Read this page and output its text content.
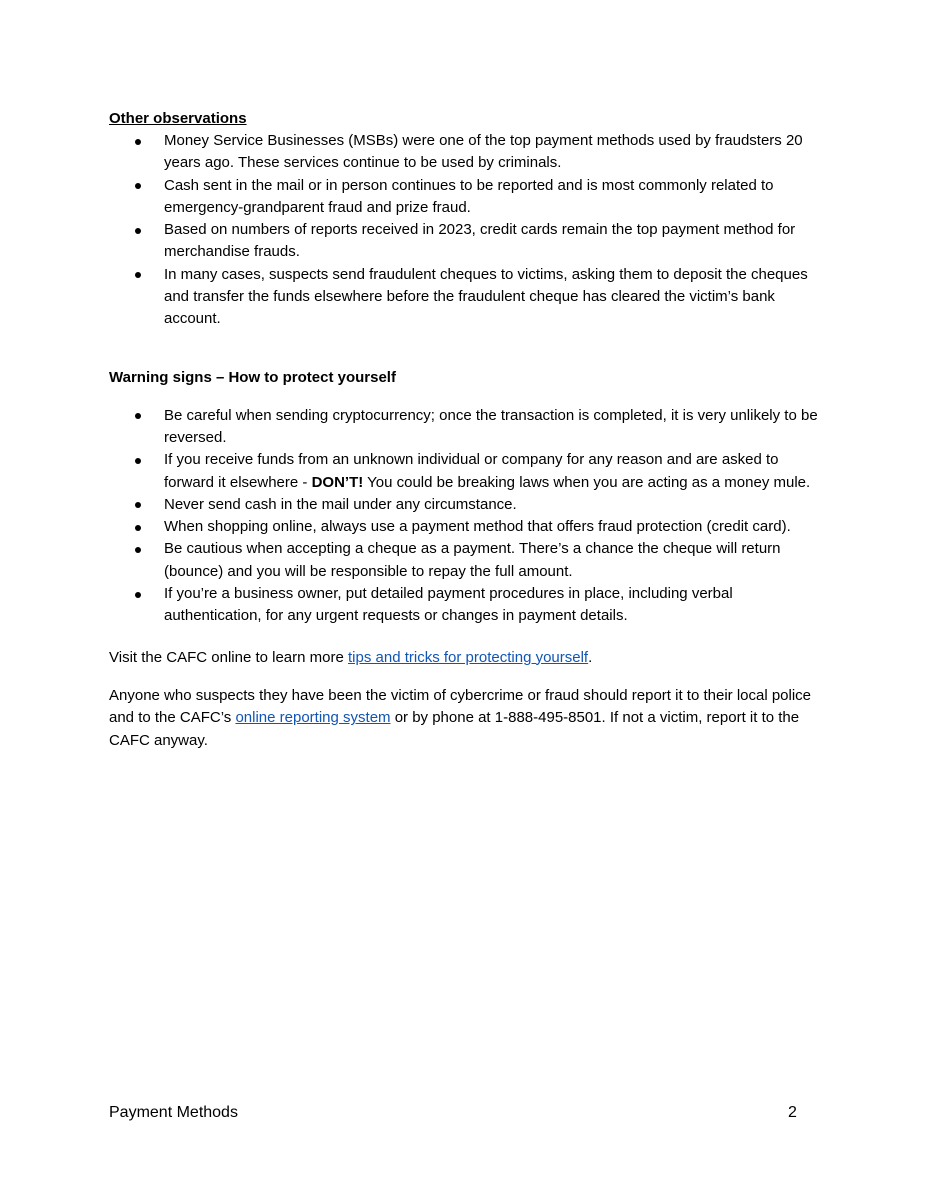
Other observations
Money Service Businesses (MSBs) were one of the top payment methods used by fraudsters 20 years ago. These services continue to be used by criminals.
Cash sent in the mail or in person continues to be reported and is most commonly related to emergency-grandparent fraud and prize fraud.
Based on numbers of reports received in 2023, credit cards remain the top payment method for merchandise frauds.
In many cases, suspects send fraudulent cheques to victims, asking them to deposit the cheques and transfer the funds elsewhere before the fraudulent cheque has cleared the victim’s bank account.
Warning signs – How to protect yourself
Be careful when sending cryptocurrency; once the transaction is completed, it is very unlikely to be reversed.
If you receive funds from an unknown individual or company for any reason and are asked to forward it elsewhere - DON’T! You could be breaking laws when you are acting as a money mule.
Never send cash in the mail under any circumstance.
When shopping online, always use a payment method that offers fraud protection (credit card).
Be cautious when accepting a cheque as a payment. There’s a chance the cheque will return (bounce) and you will be responsible to repay the full amount.
If you’re a business owner, put detailed payment procedures in place, including verbal authentication, for any urgent requests or changes in payment details.

Visit the CAFC online to learn more tips and tricks for protecting yourself.

Anyone who suspects they have been the victim of cybercrime or fraud should report it to their local police and to the CAFC’s online reporting system or by phone at 1-888-495-8501. If not a victim, report it to the CAFC anyway.

Payment Methods	2
